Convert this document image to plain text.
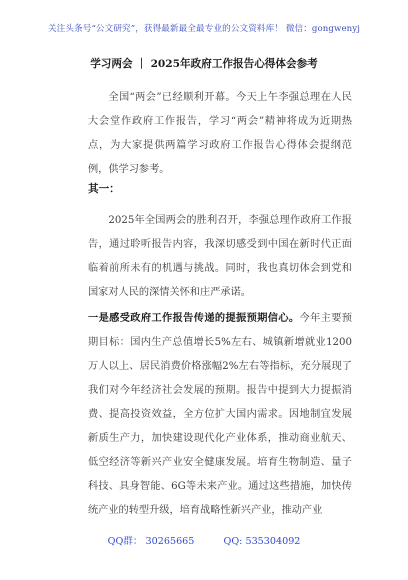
关注头条号“公文研究”，获得最新最全最专业的公文资料库！ 微信：gongwenyj
学习两会 ｜ 2025年政府工作报告心得体会参考

全国“两会”已经顺利开幕。今天上午李强总理在人民大会堂作政府工作报告，学习“两会”精神将成为近期热点，为大家提供两篇学习政府工作报告心得体会提纲范例，供学习参考。

其一：

2025年全国两会的胜利召开，李强总理作政府工作报告，通过聆听报告内容，我深切感受到中国在新时代正面临着前所未有的机遇与挑战。同时，我也真切体会到党和国家对人民的深情关怀和庄严承诺。

一是感受政府工作报告传递的提振预期信心。今年主要预期目标：国内生产总值增长5%左右、城镇新增就业1200万人以上、居民消费价格涨幅2%左右等指标，充分展现了我们对今年经济社会发展的预期。报告中提到大力提振消费、提高投资效益，全方位扩大国内需求。因地制宜发展新质生产力，加快建设现代化产业体系，推动商业航天、低空经济等新兴产业安全健康发展。培育生物制造、量子科技、具身智能、6G等未来产业。通过这些措施，加快传统产业的转型升级，培育战略性新兴产业，推动产业

QQ群： 30265665	QQ: 535304092
